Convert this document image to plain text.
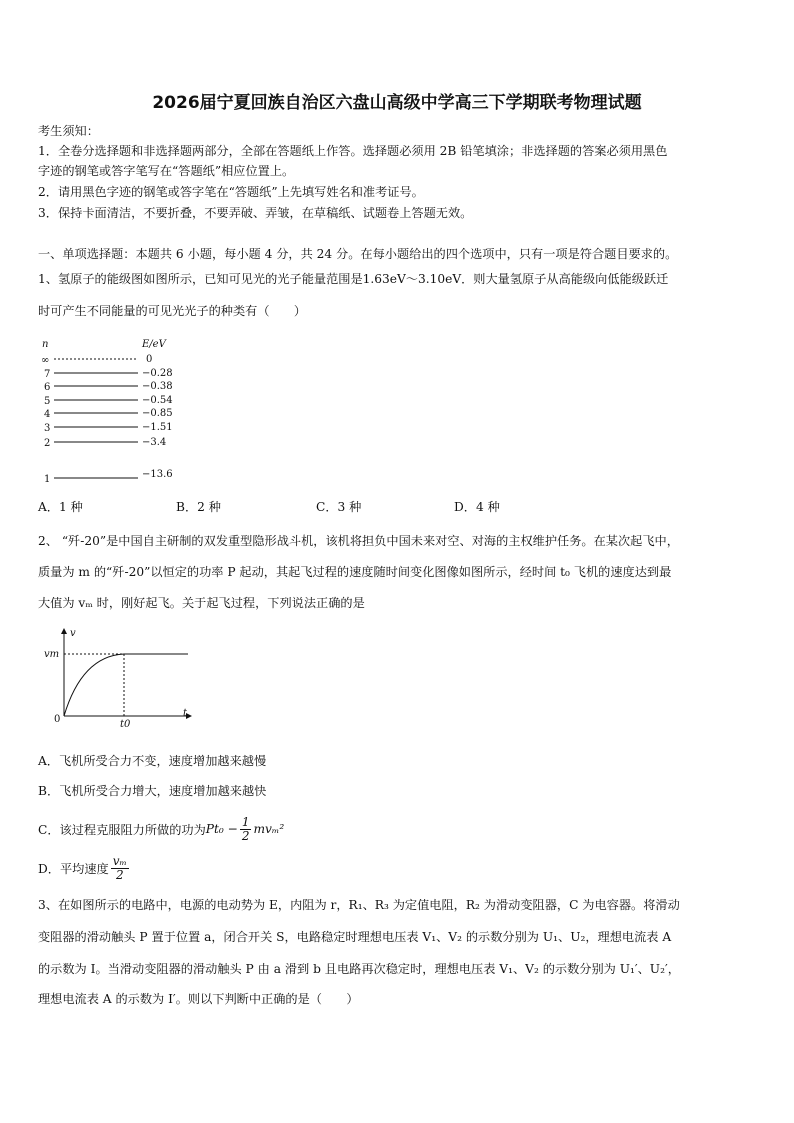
2026届宁夏回族自治区六盘山高级中学高三下学期联考物理试题
考生须知：
1．全卷分选择题和非选择题两部分，全部在答题纸上作答。选择题必须用 2B 铅笔填涂；非选择题的答案必须用黑色
字迹的钢笔或答字笔写在“答题纸”相应位置上。
2．请用黑色字迹的钢笔或答字笔在“答题纸”上先填写姓名和准考证号。
3．保持卡面清洁，不要折叠，不要弄破、弄皱，在草稿纸、试题卷上答题无效。
一、单项选择题：本题共 6 小题，每小题 4 分，共 24 分。在每小题给出的四个选项中，只有一项是符合题目要求的。
1、氢原子的能级图如图所示，已知可见光的光子能量范围是1.63eV～3.10eV．则大量氢原子从高能级向低能级跃迁
时可产生不同能量的可见光光子的种类有（　　）
n	E/eV
∞	0
7	−0.28
6	−0.38
5	−0.54
4	−0.85
3	−1.51
2	−3.4
1	−13.6
A．1 种	B．2 种	C．3 种	D．4 种
2、 “歼-20”是中国自主研制的双发重型隐形战斗机，该机将担负中国未来对空、对海的主权维护任务。在某次起飞中，
质量为 m 的“歼-20”以恒定的功率 P 起动，其起飞过程的速度随时间变化图像如图所示，经时间 t₀ 飞机的速度达到最
大值为 vₘ 时，刚好起飞。关于起飞过程，下列说法正确的是
v
t
0
vm
t0
A．飞机所受合力不变，速度增加越来越慢
B．飞机所受合力增大，速度增加越来越快
C．该过程克服阻力所做的功为 $Pt_0 - \frac{1}{2} mv_m^2$
D．平均速度 $\frac{\text{vₘ}}{2}$
3、在如图所示的电路中，电源的电动势为 E，内阻为 r，R₁、R₃ 为定值电阻，R₂ 为滑动变阻器，C 为电容器。将滑动
变阻器的滑动触头 P 置于位置 a，闭合开关 S，电路稳定时理想电压表 V₁、V₂ 的示数分别为 U₁、U₂，理想电流表 A
的示数为 I。当滑动变阻器的滑动触头 P 由 a 滑到 b 且电路再次稳定时，理想电压表 V₁、V₂ 的示数分别为 U₁′、U₂′，
理想电流表 A 的示数为 I′。则以下判断中正确的是（　　）
